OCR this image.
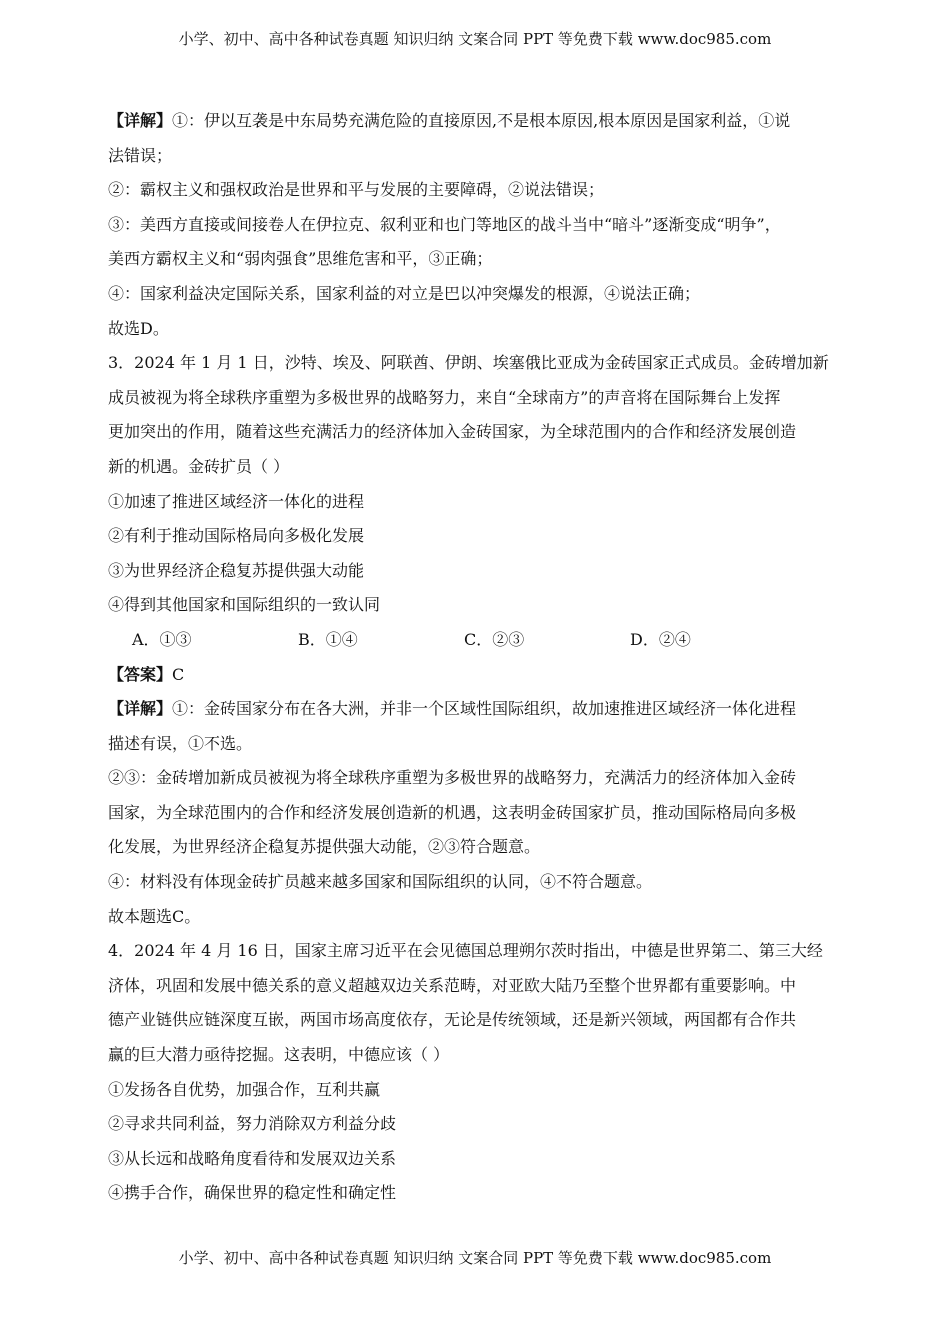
小学、初中、高中各种试卷真题 知识归纳 文案合同 PPT 等免费下载 www.doc985.com
【详解】①：伊以互袭是中东局势充满危险的直接原因,不是根本原因,根本原因是国家利益，①说
法错误；
②：霸权主义和强权政治是世界和平与发展的主要障碍，②说法错误；
③：美西方直接或间接卷人在伊拉克、叙利亚和也门等地区的战斗当中“暗斗”逐渐变成“明争”，
美西方霸权主义和“弱肉强食”思维危害和平，③正确；
④：国家利益决定国际关系，国家利益的对立是巴以冲突爆发的根源，④说法正确；
故选D。
3．2024 年 1 月 1 日，沙特、埃及、阿联酋、伊朗、埃塞俄比亚成为金砖国家正式成员。金砖增加新
成员被视为将全球秩序重塑为多极世界的战略努力，来自“全球南方”的声音将在国际舞台上发挥
更加突出的作用，随着这些充满活力的经济体加入金砖国家，为全球范围内的合作和经济发展创造
新的机遇。金砖扩员（ ）
①加速了推进区域经济一体化的进程
②有利于推动国际格局向多极化发展
③为世界经济企稳复苏提供强大动能
④得到其他国家和国际组织的一致认同
A．①③	B．①④	C．②③	D．②④
【答案】C
【详解】①：金砖国家分布在各大洲，并非一个区域性国际组织，故加速推进区域经济一体化进程
描述有误，①不选。
②③：金砖增加新成员被视为将全球秩序重塑为多极世界的战略努力，充满活力的经济体加入金砖
国家，为全球范围内的合作和经济发展创造新的机遇，这表明金砖国家扩员，推动国际格局向多极
化发展，为世界经济企稳复苏提供强大动能，②③符合题意。
④：材料没有体现金砖扩员越来越多国家和国际组织的认同，④不符合题意。
故本题选C。
4．2024 年 4 月 16 日，国家主席习近平在会见德国总理朔尔茨时指出，中德是世界第二、第三大经
济体，巩固和发展中德关系的意义超越双边关系范畴，对亚欧大陆乃至整个世界都有重要影响。中
德产业链供应链深度互嵌，两国市场高度依存，无论是传统领域，还是新兴领域，两国都有合作共
赢的巨大潜力亟待挖掘。这表明，中德应该（ ）
①发扬各自优势，加强合作，互利共赢
②寻求共同利益，努力消除双方利益分歧
③从长远和战略角度看待和发展双边关系
④携手合作，确保世界的稳定性和确定性
小学、初中、高中各种试卷真题 知识归纳 文案合同 PPT 等免费下载 www.doc985.com
